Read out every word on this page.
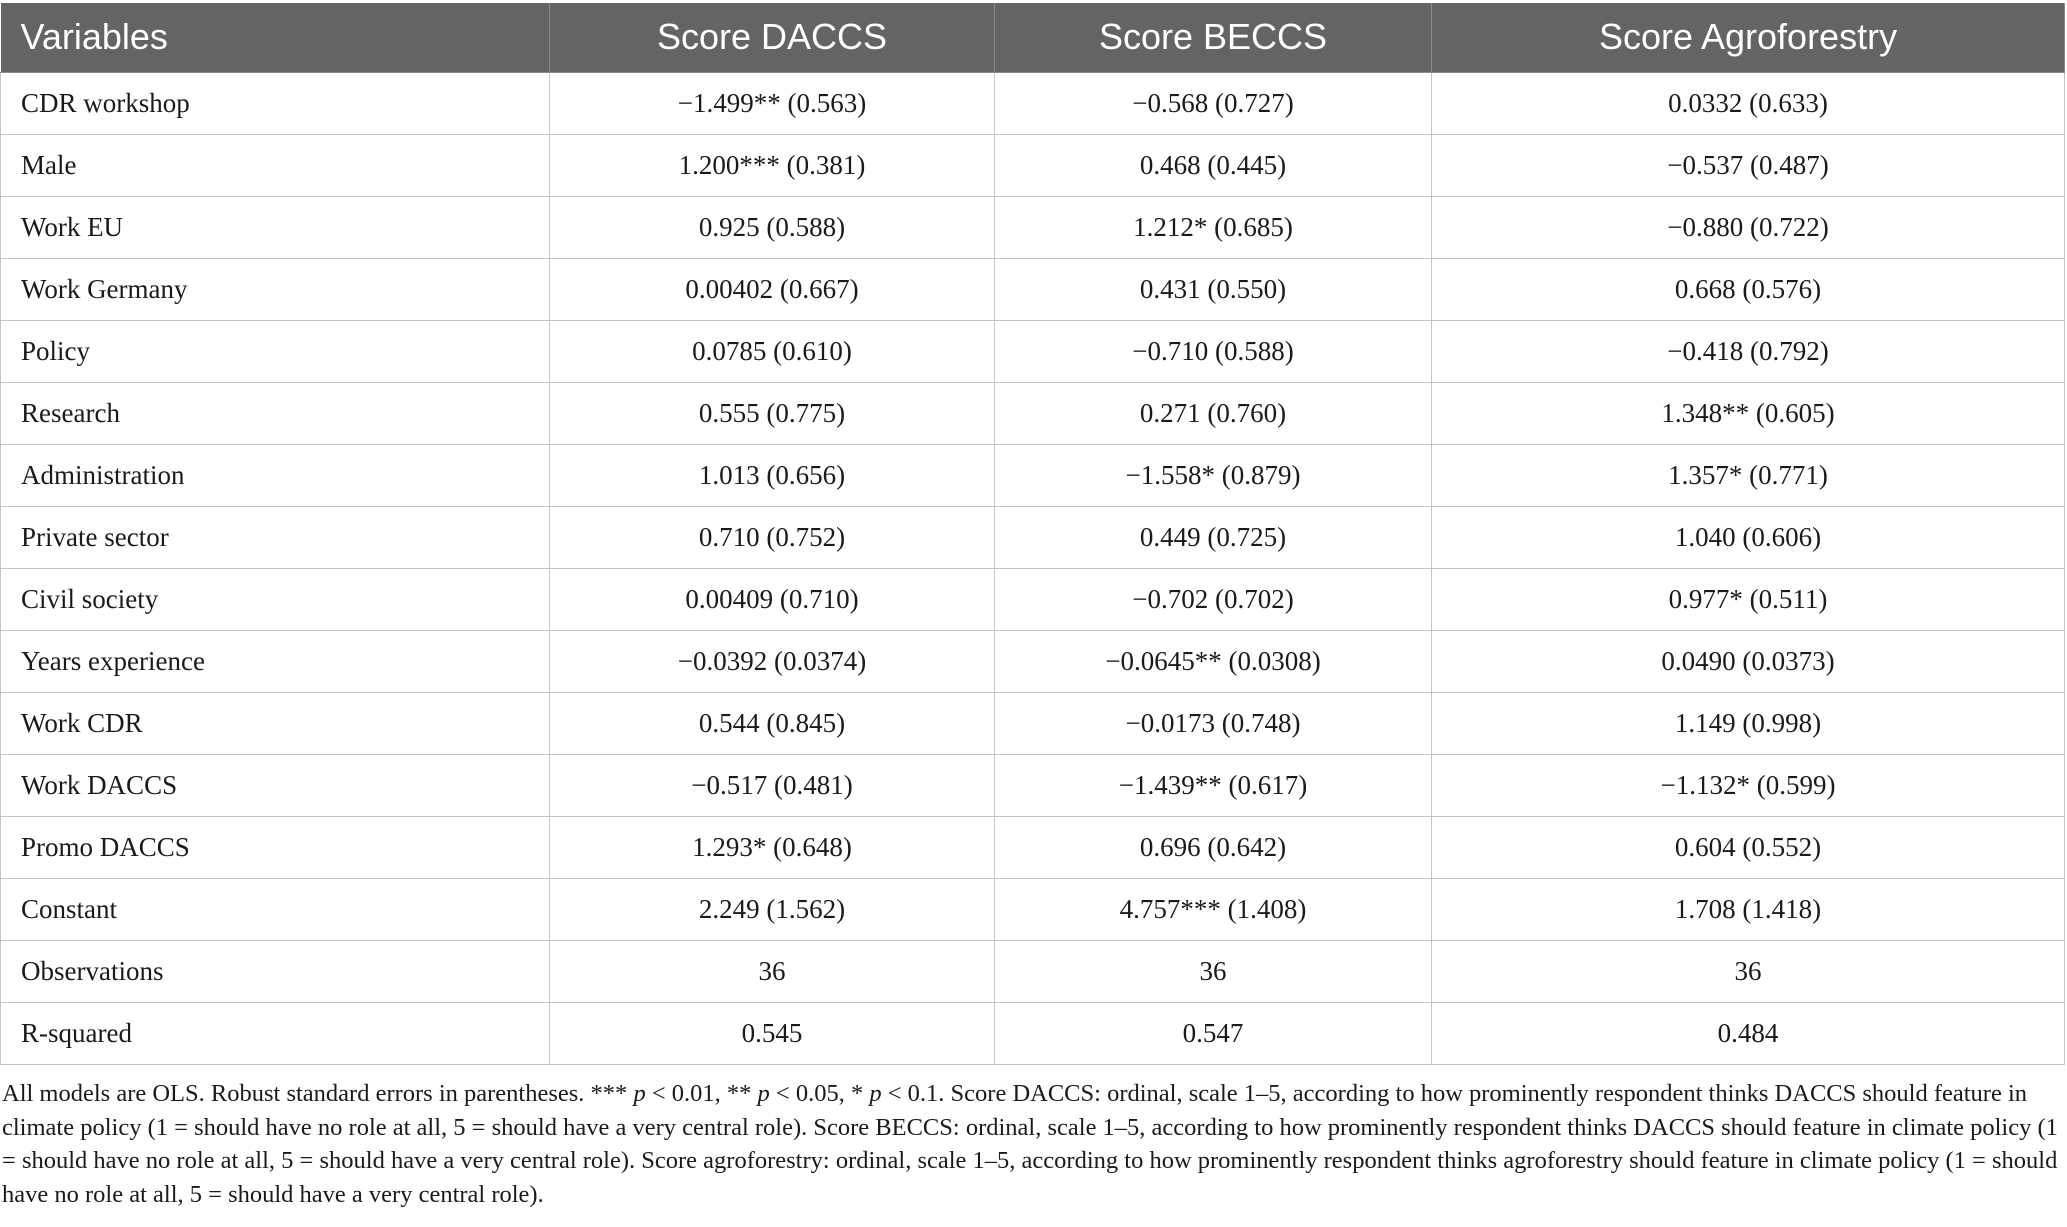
Variables	Score DACCS	Score BECCS	Score Agroforestry
CDR workshop	−1.499** (0.563)	−0.568 (0.727)	0.0332 (0.633)
Male	1.200*** (0.381)	0.468 (0.445)	−0.537 (0.487)
Work EU	0.925 (0.588)	1.212* (0.685)	−0.880 (0.722)
Work Germany	0.00402 (0.667)	0.431 (0.550)	0.668 (0.576)
Policy	0.0785 (0.610)	−0.710 (0.588)	−0.418 (0.792)
Research	0.555 (0.775)	0.271 (0.760)	1.348** (0.605)
Administration	1.013 (0.656)	−1.558* (0.879)	1.357* (0.771)
Private sector	0.710 (0.752)	0.449 (0.725)	1.040 (0.606)
Civil society	0.00409 (0.710)	−0.702 (0.702)	0.977* (0.511)
Years experience	−0.0392 (0.0374)	−0.0645** (0.0308)	0.0490 (0.0373)
Work CDR	0.544 (0.845)	−0.0173 (0.748)	1.149 (0.998)
Work DACCS	−0.517 (0.481)	−1.439** (0.617)	−1.132* (0.599)
Promo DACCS	1.293* (0.648)	0.696 (0.642)	0.604 (0.552)
Constant	2.249 (1.562)	4.757*** (1.408)	1.708 (1.418)
Observations	36	36	36
R-squared	0.545	0.547	0.484

All models are OLS. Robust standard errors in parentheses. *** p < 0.01, ** p < 0.05, * p < 0.1. Score DACCS: ordinal, scale 1–5, according to how prominently respondent thinks DACCS should feature in climate policy (1 = should have no role at all, 5 = should have a very central role). Score BECCS: ordinal, scale 1–5, according to how prominently respondent thinks DACCS should feature in climate policy (1 = should have no role at all, 5 = should have a very central role). Score agroforestry: ordinal, scale 1–5, according to how prominently respondent thinks agroforestry should feature in climate policy (1 = should have no role at all, 5 = should have a very central role).
